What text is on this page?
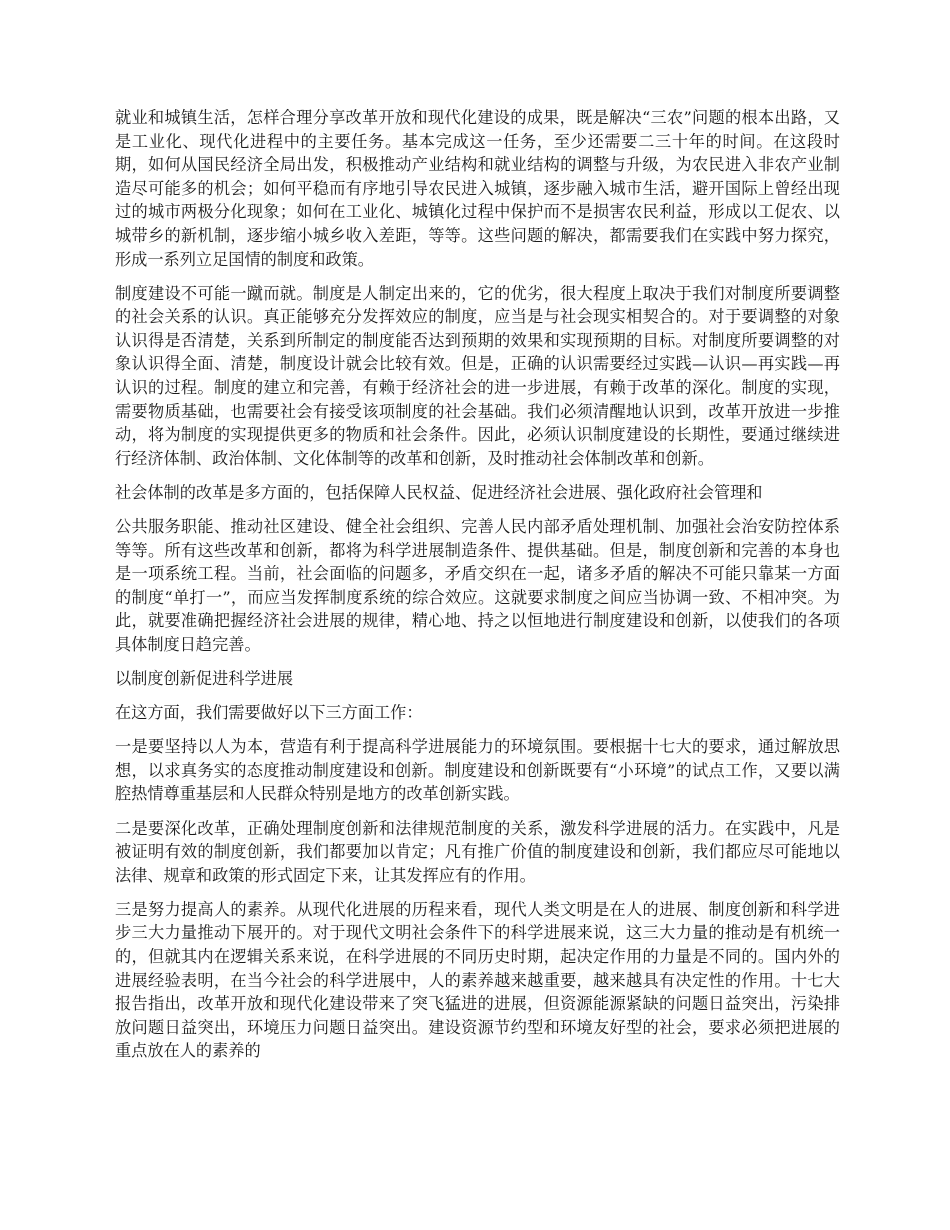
就业和城镇生活，怎样合理分享改革开放和现代化建设的成果，既是解决“三农”问题的根本出路，又是工业化、现代化进程中的主要任务。基本完成这一任务，至少还需要二三十年的时间。在这段时期，如何从国民经济全局出发，积极推动产业结构和就业结构的调整与升级，为农民进入非农产业制造尽可能多的机会；如何平稳而有序地引导农民进入城镇，逐步融入城市生活，避开国际上曾经出现过的城市两极分化现象；如何在工业化、城镇化过程中保护而不是损害农民利益，形成以工促农、以城带乡的新机制，逐步缩小城乡收入差距，等等。这些问题的解决，都需要我们在实践中努力探究，形成一系列立足国情的制度和政策。

制度建设不可能一蹴而就。制度是人制定出来的，它的优劣，很大程度上取决于我们对制度所要调整的社会关系的认识。真正能够充分发挥效应的制度，应当是与社会现实相契合的。对于要调整的对象认识得是否清楚，关系到所制定的制度能否达到预期的效果和实现预期的目标。对制度所要调整的对象认识得全面、清楚，制度设计就会比较有效。但是，正确的认识需要经过实践—认识—再实践—再认识的过程。制度的建立和完善，有赖于经济社会的进一步进展，有赖于改革的深化。制度的实现，需要物质基础，也需要社会有接受该项制度的社会基础。我们必须清醒地认识到，改革开放进一步推动，将为制度的实现提供更多的物质和社会条件。因此，必须认识制度建设的长期性，要通过继续进行经济体制、政治体制、文化体制等的改革和创新，及时推动社会体制改革和创新。

社会体制的改革是多方面的，包括保障人民权益、促进经济社会进展、强化政府社会管理和

公共服务职能、推动社区建设、健全社会组织、完善人民内部矛盾处理机制、加强社会治安防控体系等等。所有这些改革和创新，都将为科学进展制造条件、提供基础。但是，制度创新和完善的本身也是一项系统工程。当前，社会面临的问题多，矛盾交织在一起，诸多矛盾的解决不可能只靠某一方面的制度“单打一”，而应当发挥制度系统的综合效应。这就要求制度之间应当协调一致、不相冲突。为此，就要准确把握经济社会进展的规律，精心地、持之以恒地进行制度建设和创新，以使我们的各项具体制度日趋完善。

以制度创新促进科学进展

在这方面，我们需要做好以下三方面工作：

一是要坚持以人为本，营造有利于提高科学进展能力的环境氛围。要根据十七大的要求，通过解放思想，以求真务实的态度推动制度建设和创新。制度建设和创新既要有“小环境”的试点工作，又要以满腔热情尊重基层和人民群众特别是地方的改革创新实践。

二是要深化改革，正确处理制度创新和法律规范制度的关系，激发科学进展的活力。在实践中，凡是被证明有效的制度创新，我们都要加以肯定；凡有推广价值的制度建设和创新，我们都应尽可能地以法律、规章和政策的形式固定下来，让其发挥应有的作用。

三是努力提高人的素养。从现代化进展的历程来看，现代人类文明是在人的进展、制度创新和科学进步三大力量推动下展开的。对于现代文明社会条件下的科学进展来说，这三大力量的推动是有机统一的，但就其内在逻辑关系来说，在科学进展的不同历史时期，起决定作用的力量是不同的。国内外的进展经验表明，在当今社会的科学进展中，人的素养越来越重要，越来越具有决定性的作用。十七大报告指出，改革开放和现代化建设带来了突飞猛进的进展，但资源能源紧缺的问题日益突出，污染排放问题日益突出，环境压力问题日益突出。建设资源节约型和环境友好型的社会，要求必须把进展的重点放在人的素养的
